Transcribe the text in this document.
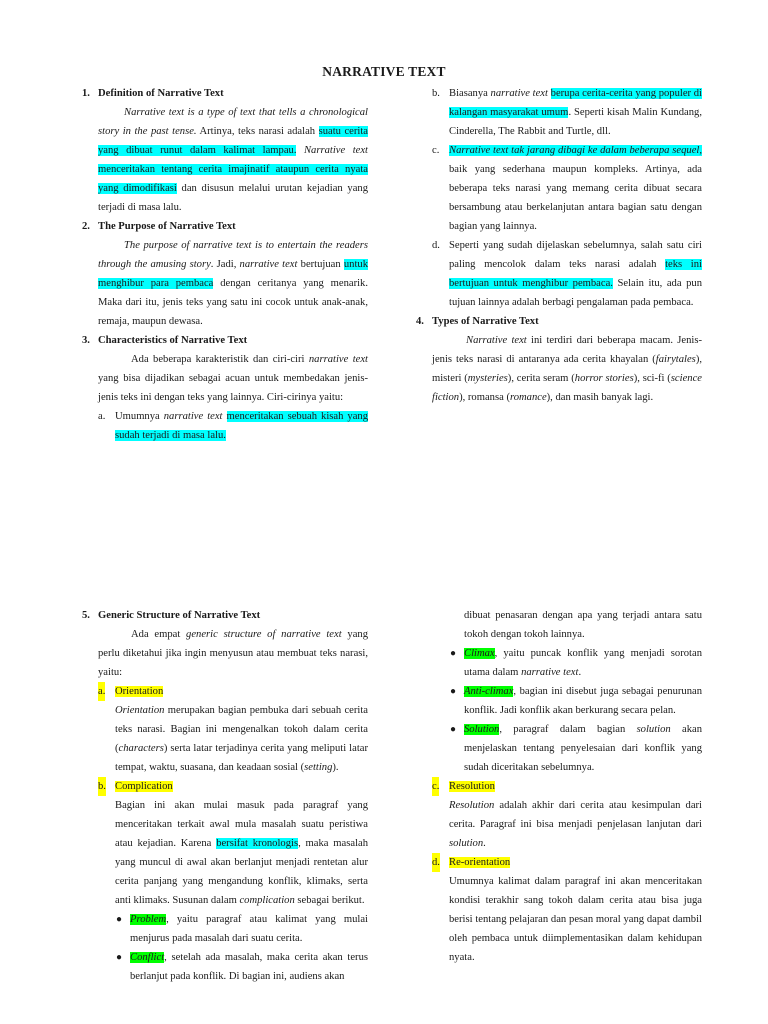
NARRATIVE TEXT
1. Definition of Narrative Text
Narrative text is a type of text that tells a chronological story in the past tense. Artinya, teks narasi adalah suatu cerita yang dibuat runut dalam kalimat lampau. Narrative text menceritakan tentang cerita imajinatif ataupun cerita nyata yang dimodifikasi dan disusun melalui urutan kejadian yang terjadi di masa lalu.
2. The Purpose of Narrative Text
The purpose of narrative text is to entertain the readers through the amusing story. Jadi, narrative text bertujuan untuk menghibur para pembaca dengan ceritanya yang menarik. Maka dari itu, jenis teks yang satu ini cocok untuk anak-anak, remaja, maupun dewasa.
3. Characteristics of Narrative Text
Ada beberapa karakteristik dan ciri-ciri narrative text yang bisa dijadikan sebagai acuan untuk membedakan jenis-jenis teks ini dengan teks yang lainnya. Ciri-cirinya yaitu:
a. Umumnya narrative text menceritakan sebuah kisah yang sudah terjadi di masa lalu.
b. Biasanya narrative text berupa cerita-cerita yang populer di kalangan masyarakat umum. Seperti kisah Malin Kundang, Cinderella, The Rabbit and Turtle, dll.
c. Narrative text tak jarang dibagi ke dalam beberapa sequel, baik yang sederhana maupun kompleks. Artinya, ada beberapa teks narasi yang memang cerita dibuat secara bersambung atau berkelanjutan antara bagian satu dengan bagian yang lainnya.
d. Seperti yang sudah dijelaskan sebelumnya, salah satu ciri paling mencolok dalam teks narasi adalah teks ini bertujuan untuk menghibur pembaca. Selain itu, ada pun tujuan lainnya adalah berbagi pengalaman pada pembaca.
4. Types of Narrative Text
Narrative text ini terdiri dari beberapa macam. Jenis-jenis teks narasi di antaranya ada cerita khayalan (fairytales), misteri (mysteries), cerita seram (horror stories), sci-fi (science fiction), romansa (romance), dan masih banyak lagi.
5. Generic Structure of Narrative Text
Ada empat generic structure of narrative text yang perlu diketahui jika ingin menyusun atau membuat teks narasi, yaitu:
a. Orientation
Orientation merupakan bagian pembuka dari sebuah cerita teks narasi. Bagian ini mengenalkan tokoh dalam cerita (characters) serta latar terjadinya cerita yang meliputi latar tempat, waktu, suasana, dan keadaan sosial (setting).
b. Complication
Bagian ini akan mulai masuk pada paragraf yang menceritakan terkait awal mula masalah suatu peristiwa atau kejadian. Karena bersifat kronologis, maka masalah yang muncul di awal akan berlanjut menjadi rentetan alur cerita panjang yang mengandung konflik, klimaks, serta anti klimaks. Susunan dalam complication sebagai berikut.
● Problem, yaitu paragraf atau kalimat yang mulai menjurus pada masalah dari suatu cerita.
● Conflict, setelah ada masalah, maka cerita akan terus berlanjut pada konflik. Di bagian ini, audiens akan
dibuat penasaran dengan apa yang terjadi antara satu tokoh dengan tokoh lainnya.
● Climax, yaitu puncak konflik yang menjadi sorotan utama dalam narrative text.
● Anti-climax, bagian ini disebut juga sebagai penurunan konflik. Jadi konflik akan berkurang secara pelan.
● Solution, paragraf dalam bagian solution akan menjelaskan tentang penyelesaian dari konflik yang sudah diceritakan sebelumnya.
c. Resolution
Resolution adalah akhir dari cerita atau kesimpulan dari cerita. Paragraf ini bisa menjadi penjelasan lanjutan dari solution.
d. Re-orientation
Umumnya kalimat dalam paragraf ini akan menceritakan kondisi terakhir sang tokoh dalam cerita atau bisa juga berisi tentang pelajaran dan pesan moral yang dapat dambil oleh pembaca untuk diimplementasikan dalam kehidupan nyata.
